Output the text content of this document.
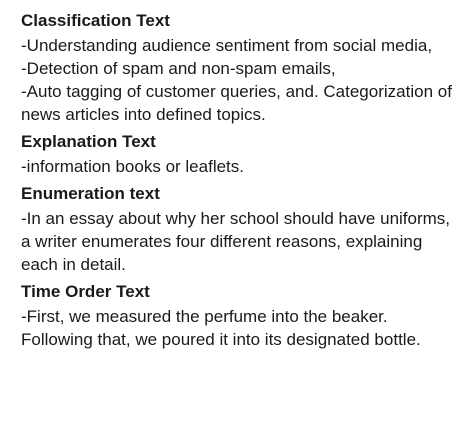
Classification Text

-Understanding audience sentiment from social media,

-Detection of spam and non-spam emails,

-Auto tagging of customer queries, and. Categorization of news articles into defined topics.

Explanation Text

-information books or leaflets.

Enumeration text

-In an essay about why her school should have uniforms, a writer enumerates four different reasons, explaining each in detail.

Time Order Text

-First, we measured the perfume into the beaker. Following that, we poured it into its designated bottle.
